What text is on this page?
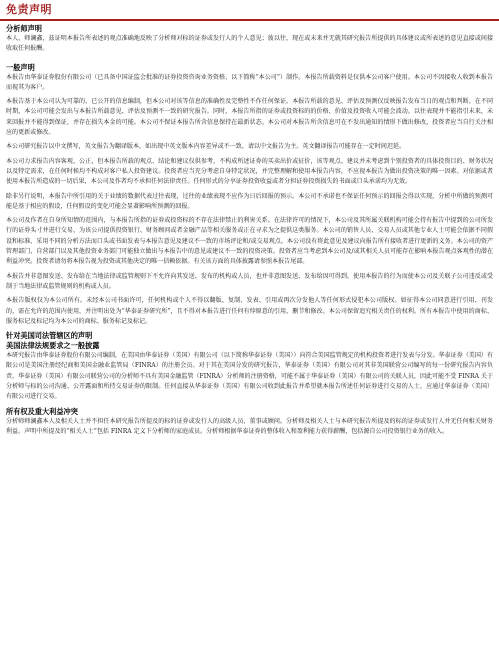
免责声明
分析师声明
本人，师澜鑫，兹证明本报告所表述的观点准确地反映了分析师对标的证券或发行人的个人意见；彼以往、现在或未来并无就其研究报告所提供的具体建议或所表述的意见直接或间接收取任何报酬。
一般声明
本报告由华泰证券股份有限公司（已具备中国证监会批准的证券投资咨询业务资格，以下简称“本公司”）制作。本报告所载资料是仅供本公司客户使用。本公司不因接收人收到本报告而视其为客户。
本报告基于本公司认为可靠的、已公开的信息编制，但本公司对该等信息的准确性及完整性不作任何保证。本报告所载的意见、评估及预测仅反映报告发布当日的观点和判断。在不同时期，本公司可能会发出与本报告所载意见、评估及预测不一致的研究报告。同时，本报告所指的证券或投资标的的价格、价值及投资收入可能会波动。以往表现并不能指引未来，未来回报并不能得到保证，并存在损失本金的可能。本公司不保证本报告所含信息保持在最新状态。本公司对本报告所含信息可在不发出通知的情形下做出修改，投资者应当自行关注相应的更新或修改。
本公司研究报告以中文撰写，英文报告为翻译版本，如出现中英文版本内容差异或不一致，请以中文报告为主。英文翻译报告可能存在一定时间迟延。
本公司力求报告内容客观、公正，但本报告所载的观点、结论和建议仅供参考，不构成所述证券的买卖出价或征价，该等观点、建议并未考虑到个别投资者的具体投资目的、财务状况以及特定需求，在任何时候均不构成对客户私人投资建议。投资者应当充分考虑自身特定状况，并完整理解和使用本报告内容，不应视本报告为做出投资决策的唯一因素。对依据或者使用本报告所造成的一切后果，本公司及作者均不承担任何法律责任。任何形式的分享证券投资收益或者分担证券投资损失的书面或口头承诺均为无效。
除非另行说明，本报告中所引用的关于业绩的数据代表过往表现，过往的业绩表现不应作为日后回报的预示。本公司不承诺也不保证任何预示的回报会得以实现，分析中所做的预测可能是基于相应的假设，任何假设的变化可能会显著影响所预测的回报。
本公司及作者在自身所知情的范围内，与本报告所指的证券或投资标的不存在法律禁止的利害关系。在法律许可的情况下，本公司及其所属关联机构可能会持有报告中提到的公司所发行的证券头寸并进行交易，为该公司提供投资银行、财务顾问或者金融产品等相关服务或正在寻求为之提供这类服务。本公司的销售人员、交易人员或其他专业人士可能会依据不同假设和标准、采用不同的分析方法而口头或书面发表与本报告意见及建议不一致的市场评论和/或交易观点。本公司没有将此意见及建议向报告所有接收者进行更新的义务。本公司的资产管理部门、自营部门以及其他投资业务部门可能独立做出与本报告中的意见或建议不一致的投资决策。投资者应当考虑到本公司及/或其相关人员可能存在影响本报告观点客观性的潜在利益冲突。投资者请勿将本报告视为投资或其他决定的唯一信赖依据。有关该方面的具体披露请参照本报告尾部。
本报告并非意图发送、发布给在当地法律或监管规则下不允许向其发送、发布的机构或人员，也并非意图发送、发布给因可得到、使用本报告的行为而使本公司及关联子公司违反或受制于当地法律或监管规则的机构或人员。
本报告版权仅为本公司所有。未经本公司书面许可，任何机构或个人不得以翻版、复制、发表、引用或再次分发他人等任何形式侵犯本公司版权。如征得本公司同意进行引用、刊发的，需在允许的范围内使用，并注明出处为“华泰证券研究所”，且不得对本报告进行任何有悖原意的引用、删节和修改。本公司保留追究相关责任的权利。所有本报告中使用的商标、服务标记及标记均为本公司的商标、服务标记及标记。
针对美国司法管辖区的声明
美国法律法规要求之一般披露
本研究报告由华泰证券股份有限公司编制，在美国由华泰证券（美国）有限公司（以下简称华泰证券（美国））向符合美国监管规定的机构投资者进行发表与分发。华泰证券（美国）有限公司是美国注册经纪商和美国金融业监管局（FINRA）的注册会员。对于其在美国分发的研究报告，华泰证券（美国）有限公司对其非美国联营公司编写的每一份研究报告内容负责。华泰证券（美国）有限公司联营公司的分析师不具有美国金融监管（FINRA）分析师的注册资格，可能不属于华泰证券（美国）有限公司的关联人员，因此可能不受 FINRA 关于分析师与标的公司沟通、公开露面和所持交易证券的限制。任何直接从华泰证券（美国）有限公司收到此报告并希望就本报告所述任何证券进行交易的人士，应通过华泰证券（美国）有限公司进行交易。
所有权及重大利益冲突
分析师师澜鑫本人及相关人士并不担任本研究报告所提及的标的证券或发行人的高级人员、董事或顾问。分析师及相关人士与本研究报告所提及的标的证券或发行人并无任何相关财务利益。声明中所提及的“相关人士”包括 FINRA 定义下分析师的家庭成员。分析师根据华泰证券的整体收入和盈利能力获得薪酬，包括源自公司投资银行业务的收入。
